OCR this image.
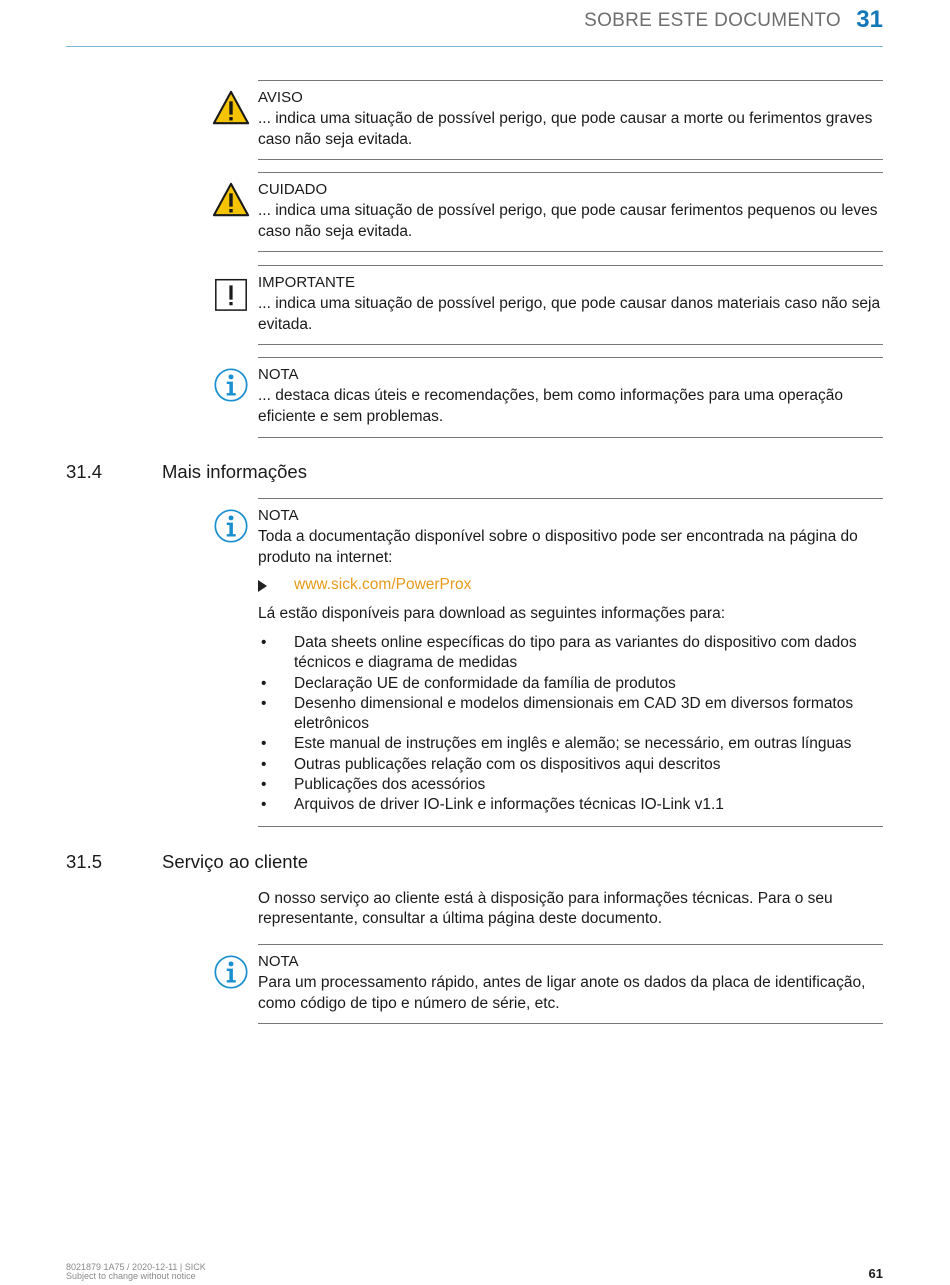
SOBRE ESTE DOCUMENTO 31
AVISO
... indica uma situação de possível perigo, que pode causar a morte ou ferimentos graves caso não seja evitada.
CUIDADO
... indica uma situação de possível perigo, que pode causar ferimentos pequenos ou leves caso não seja evitada.
IMPORTANTE
... indica uma situação de possível perigo, que pode causar danos materiais caso não seja evitada.
NOTA
... destaca dicas úteis e recomendações, bem como informações para uma operação eficiente e sem problemas.
31.4	Mais informações
NOTA
Toda a documentação disponível sobre o dispositivo pode ser encontrada na página do produto na internet:
www.sick.com/PowerProx
Lá estão disponíveis para download as seguintes informações para:
• Data sheets online específicas do tipo para as variantes do dispositivo com dados técnicos e diagrama de medidas
• Declaração UE de conformidade da família de produtos
• Desenho dimensional e modelos dimensionais em CAD 3D em diversos formatos eletrônicos
• Este manual de instruções em inglês e alemão; se necessário, em outras línguas
• Outras publicações relação com os dispositivos aqui descritos
• Publicações dos acessórios
• Arquivos de driver IO-Link e informações técnicas IO-Link v1.1
31.5	Serviço ao cliente
O nosso serviço ao cliente está à disposição para informações técnicas. Para o seu representante, consultar a última página deste documento.
NOTA
Para um processamento rápido, antes de ligar anote os dados da placa de identificação, como código de tipo e número de série, etc.
8021879 1A75 / 2020-12-11 | SICK
Subject to change without notice	61
